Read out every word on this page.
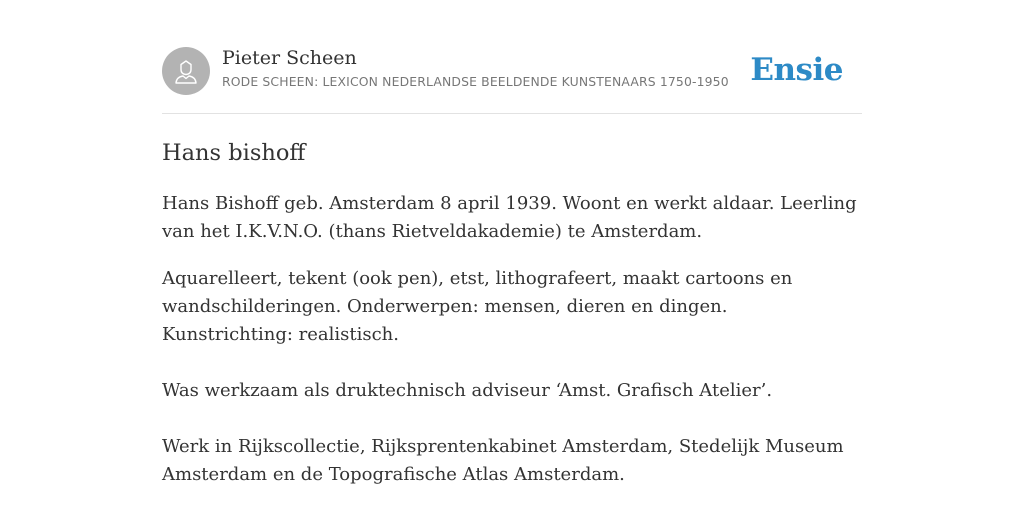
Pieter Scheen
RODE SCHEEN: LEXICON NEDERLANDSE BEELDENDE KUNSTENAARS 1750-1950 Ensie
Hans bishoff

Hans Bishoff geb. Amsterdam 8 april 1939. Woont en werkt aldaar. Leerling van het I.K.V.N.O. (thans Rietveldakademie) te Amsterdam.

Aquarelleert, tekent (ook pen), etst, lithografeert, maakt cartoons en wandschilderingen. Onderwerpen: mensen, dieren en dingen. Kunstrichting: realistisch.

Was werkzaam als druktechnisch adviseur ‘Amst. Grafisch Atelier’.

Werk in Rijkscollectie, Rijksprentenkabinet Amsterdam, Stedelijk Museum Amsterdam en de Topografische Atlas Amsterdam.
